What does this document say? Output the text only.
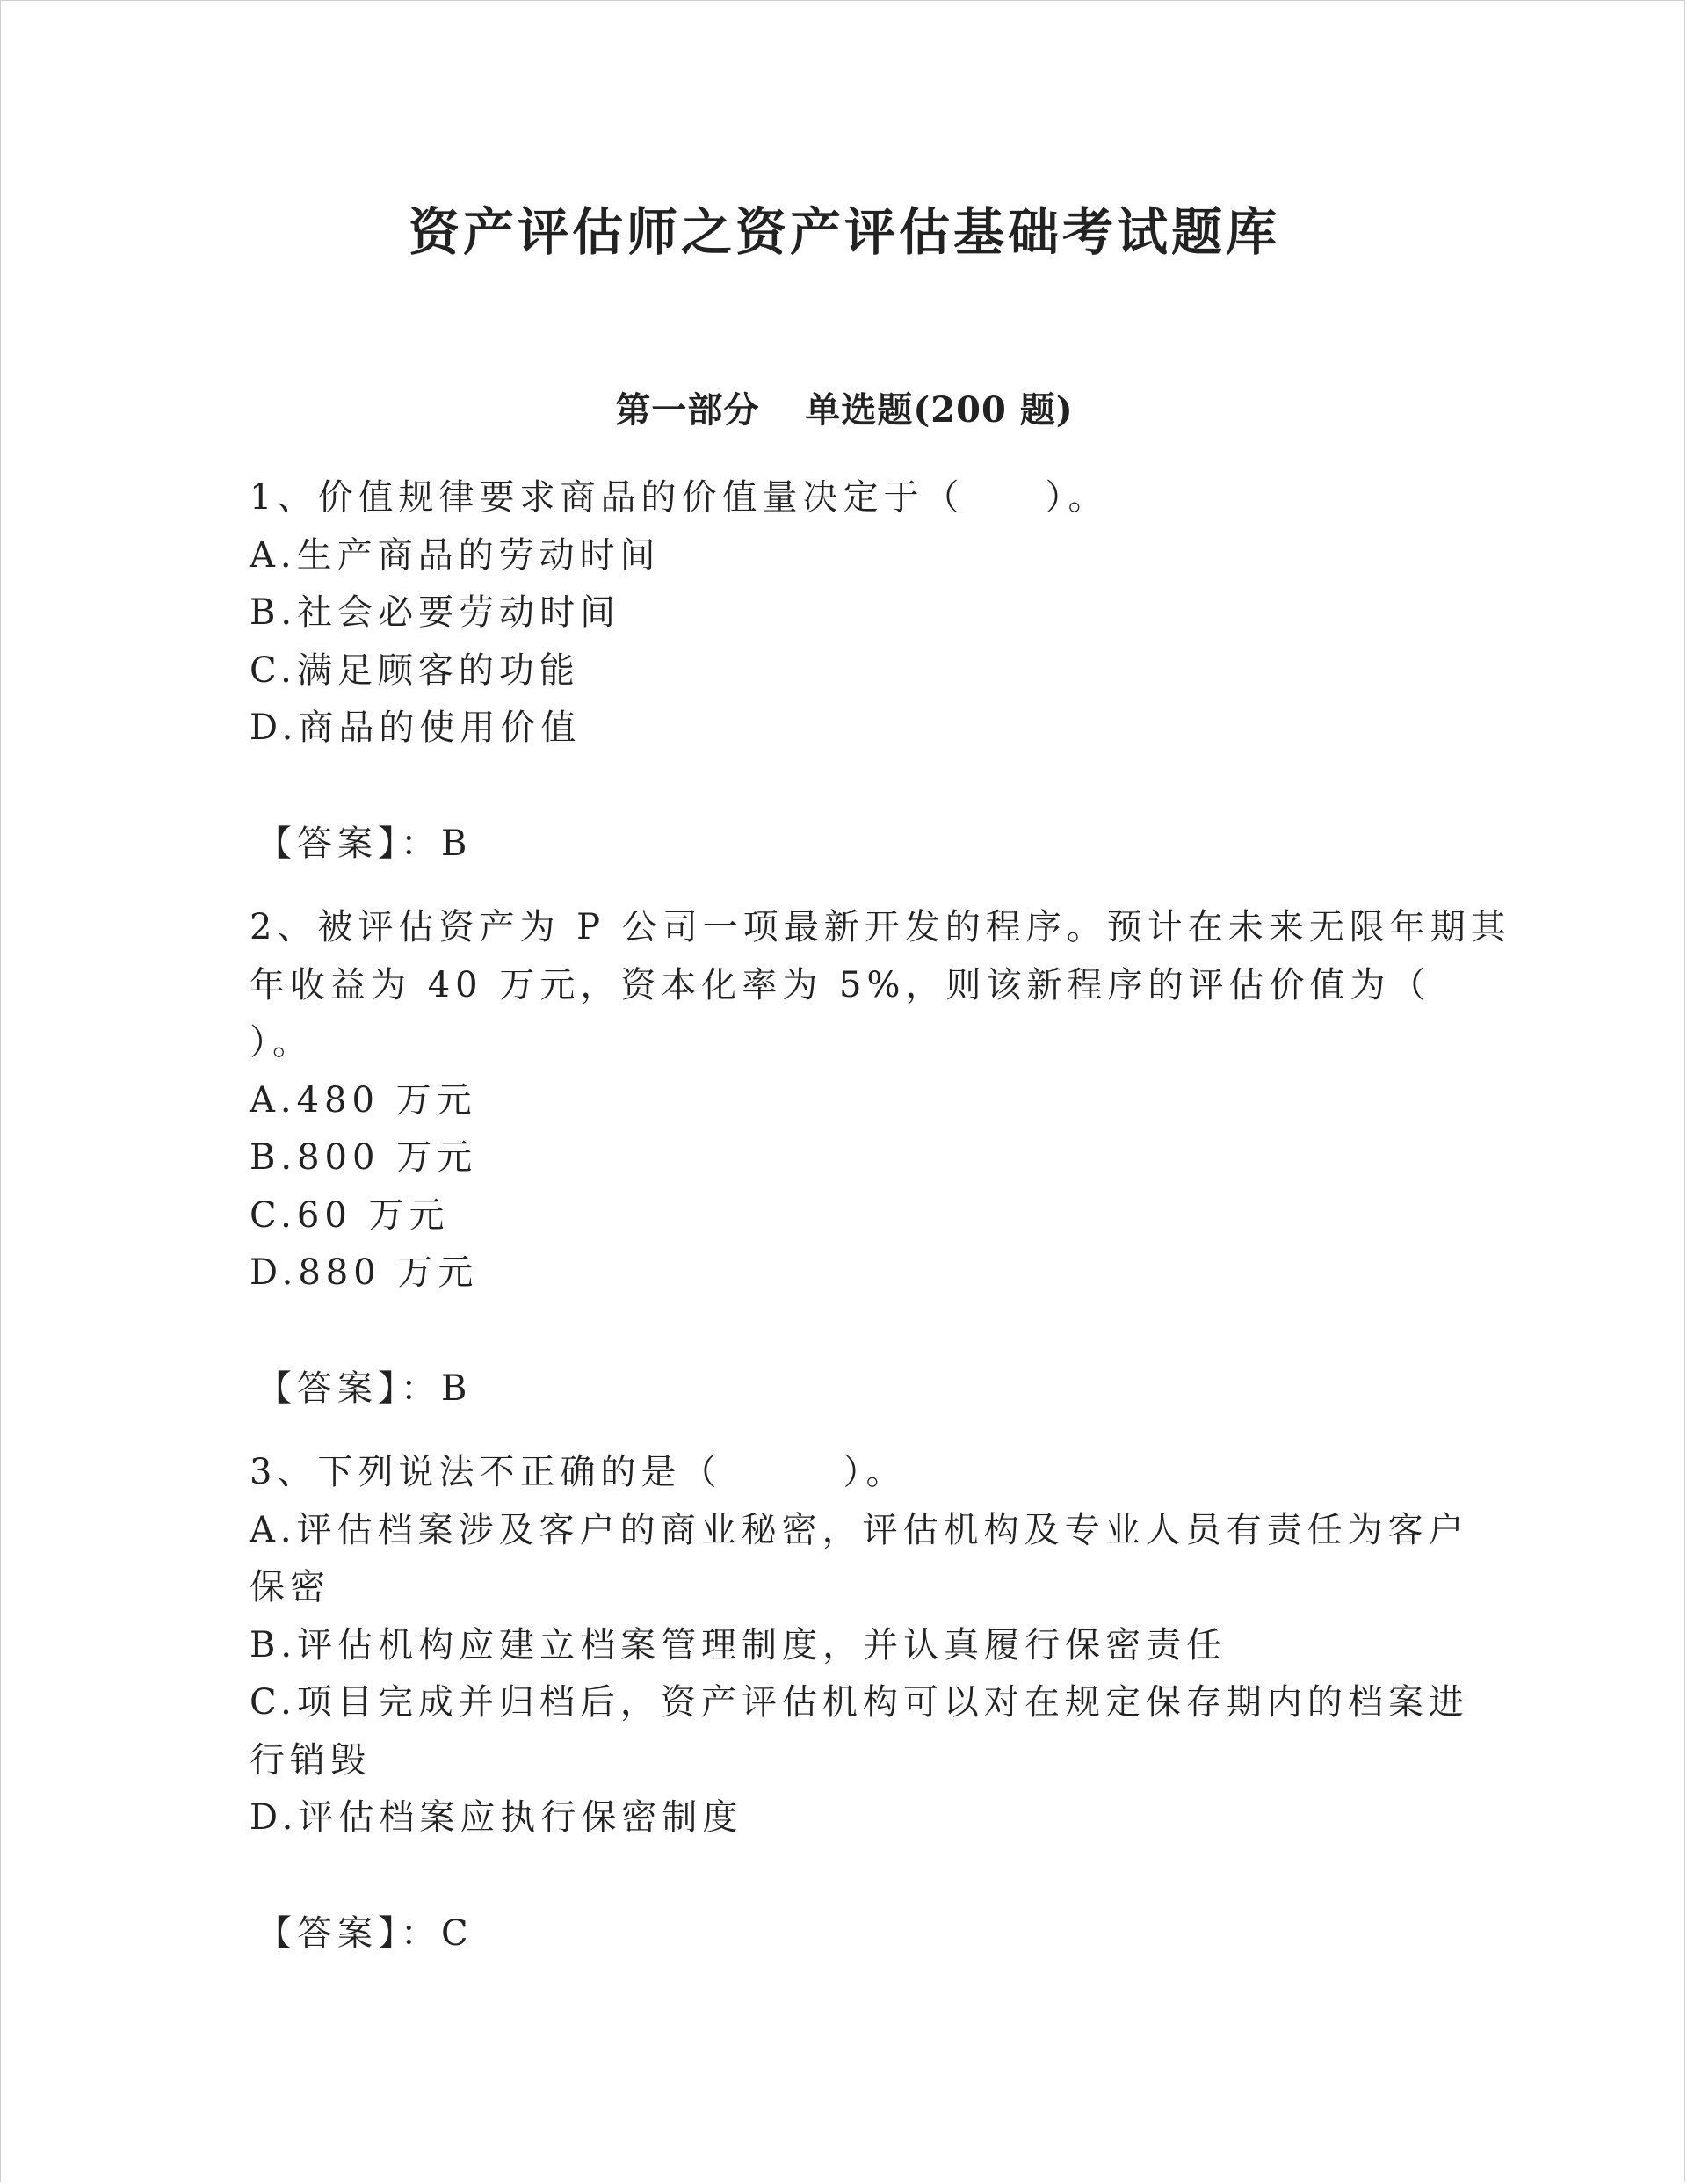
资产评估师之资产评估基础考试题库
第一部分 单选题(200 题)
1、价值规律要求商品的价值量决定于（　　）。
A.生产商品的劳动时间
B.社会必要劳动时间
C.满足顾客的功能
D.商品的使用价值
【答案】：B
2、被评估资产为 P 公司一项最新开发的程序。预计在未来无限年期其
年收益为 40 万元，资本化率为 5%，则该新程序的评估价值为（
）。
A.480 万元
B.800 万元
C.60 万元
D.880 万元
【答案】：B
3、下列说法不正确的是（　　　）。
A.评估档案涉及客户的商业秘密，评估机构及专业人员有责任为客户
保密
B.评估机构应建立档案管理制度，并认真履行保密责任
C.项目完成并归档后，资产评估机构可以对在规定保存期内的档案进
行销毁
D.评估档案应执行保密制度
【答案】：C
